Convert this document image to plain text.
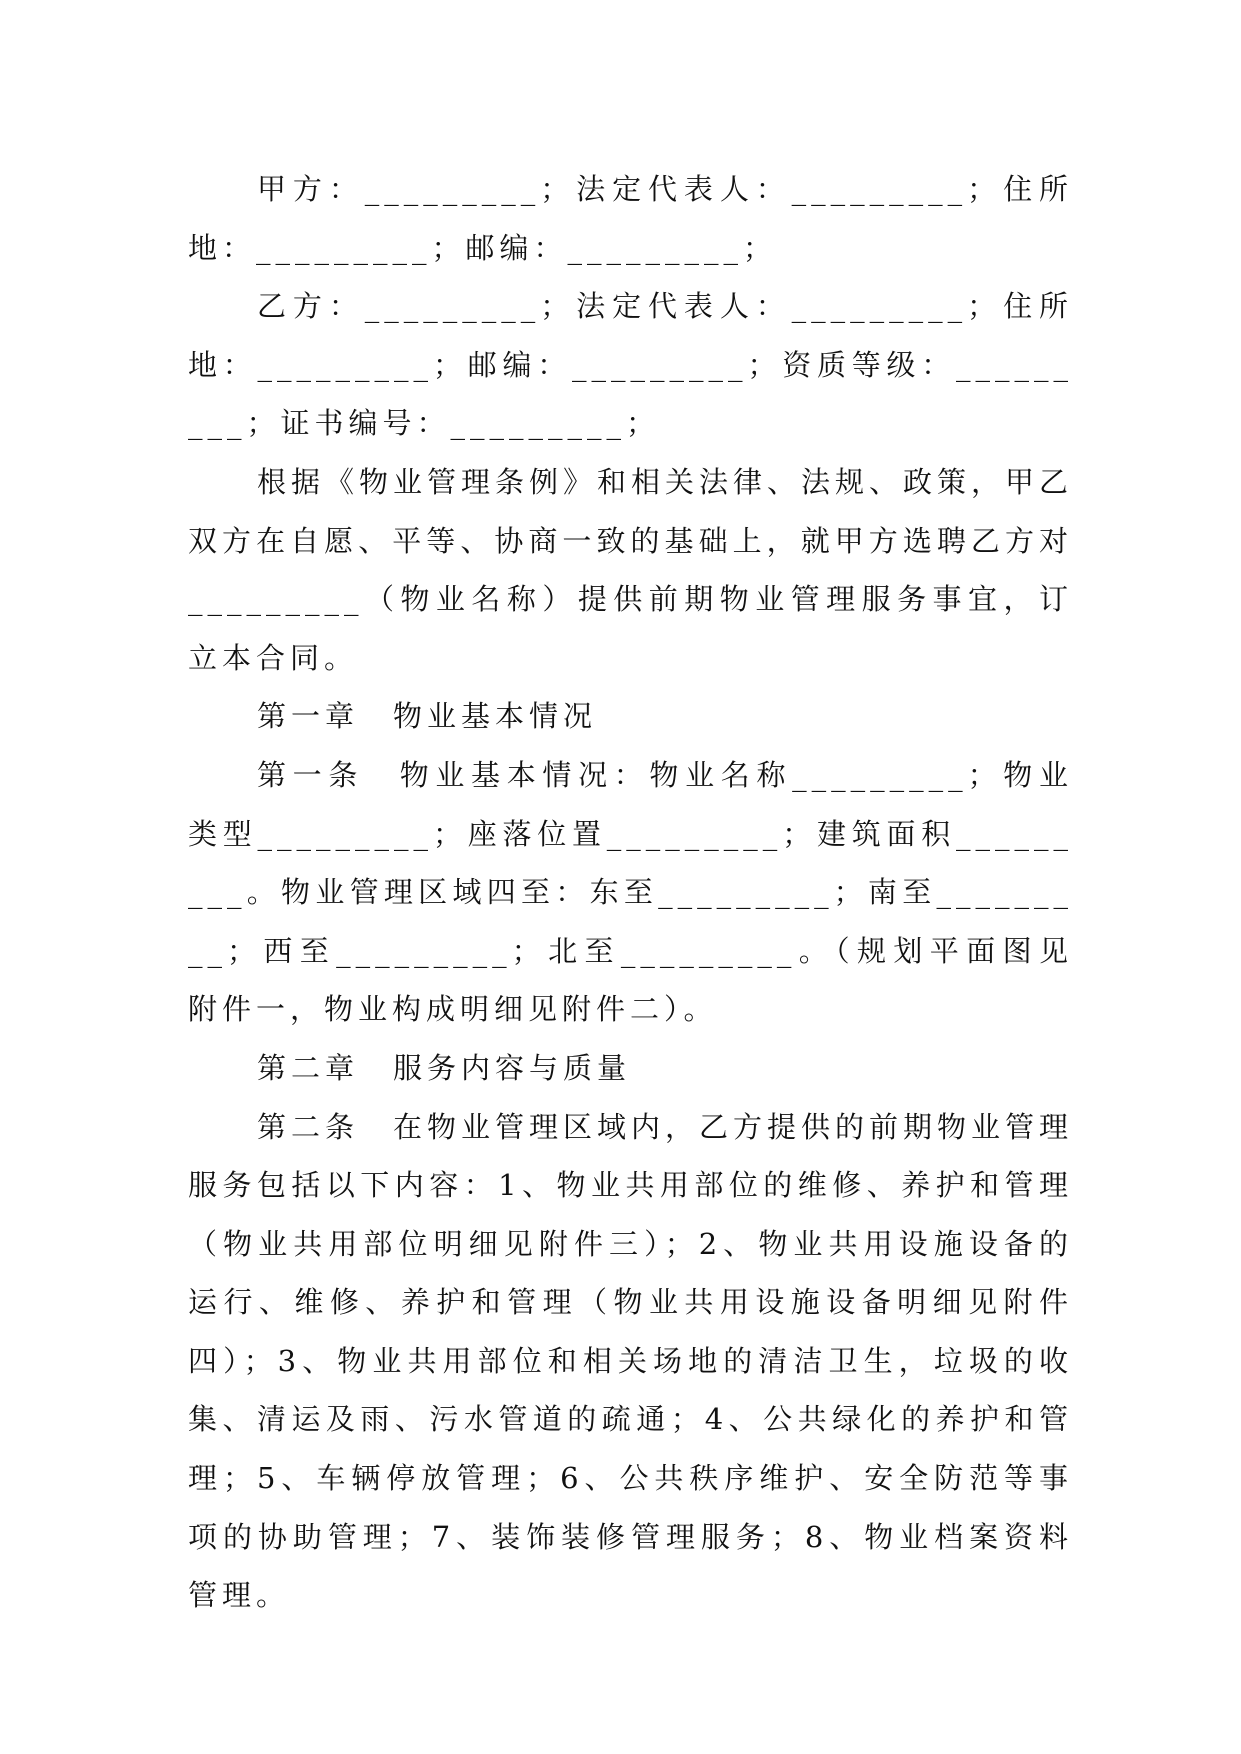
甲方：_________；法定代表人：_________；住所地：_________；邮编：_________；

乙方：_________；法定代表人：_________；住所地：_________；邮编：_________；资质等级：_________；证书编号：_________；

根据《物业管理条例》和相关法律、法规、政策，甲乙双方在自愿、平等、协商一致的基础上，就甲方选聘乙方对_________（物业名称）提供前期物业管理服务事宜，订立本合同。

第一章　物业基本情况

第一条　物业基本情况：物业名称_________；物业类型_________；座落位置_________；建筑面积_________。物业管理区域四至：东至_________；南至_________；西至_________；北至_________。（规划平面图见附件一，物业构成明细见附件二）。

第二章　服务内容与质量

第二条　在物业管理区域内，乙方提供的前期物业管理服务包括以下内容：1、物业共用部位的维修、养护和管理（物业共用部位明细见附件三）；2、物业共用设施设备的运行、维修、养护和管理（物业共用设施设备明细见附件四）；3、物业共用部位和相关场地的清洁卫生，垃圾的收集、清运及雨、污水管道的疏通；4、公共绿化的养护和管理；5、车辆停放管理；6、公共秩序维护、安全防范等事项的协助管理；7、装饰装修管理服务；8、物业档案资料管理。
